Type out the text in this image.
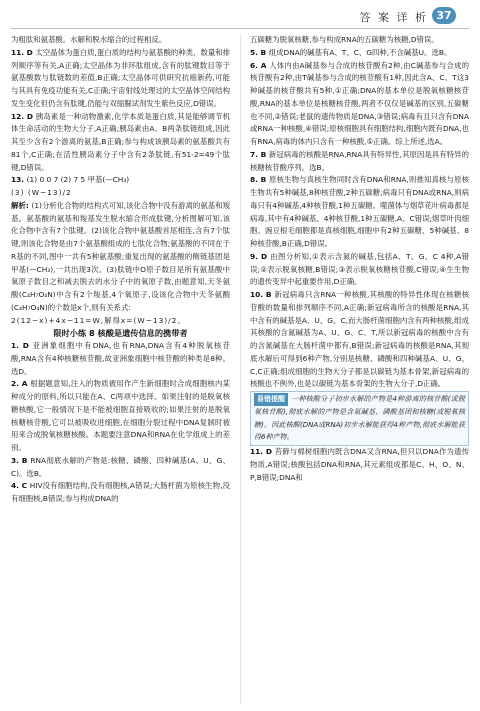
答 案 详 析 37

为粗肽和氨基酸。水解和脱水缩合的过程相反。

11. D 太空晶体为蛋白质,蛋白质的结构与氨基酸的种类、数量和排列顺序等有关,A正确;太空晶体为非环肽组成,含有的肽键数目等于氨基酸数与肽链数的差值,B正确;太空晶体可供研究抗癌新药,可能与其具有免疫功能有关,C正确;宇宙射线处理过的太空晶体空间结构发生变化但仍含有肽键,仍能与双缩脲试剂发生紫色反应,D错误。

12. D 胰岛素是一种动物激素,化学本质是蛋白质,其是能够调节机体生命活动的生物大分子,A正确;胰岛素由A、B两条肽链组成,因此其至少含有2个游离的氨基,B正确;参与构成该胰岛素的氨基酸共有81个,C正确;在活性胰岛素分子中含有2条肽链,有51-2=49个肽键,D错误。

13. (1) 0 0 7 (2) 7 5 甲基(—CH₃)

(3) (W−13)/2

解析: (1)分析化合物的结构式可知,该化合物中没有游离的氨基和羧基。氨基酸的氨基和羧基发生脱水缩合形成肽键,分析图解可知,该化合物中含有7个肽键。(2)该化合物中氨基酸首尾相连,含有7个肽键,则该化合物是由7个氨基酸组成的七肽化合物;氨基酸的不同在于R基的不同,图中一共有5种氨基酸;重复出现的氨基酸的侧链基团是甲基(—CH₃),一共出现3次。(3)肽链中O原子数目是所有氨基酸中氧原子数目之和减去脱去的水分子中的氧原子数,由题意知,天冬氨酸(C₄H₇O₄N)中含有2个羧基,4个氧原子,设该化合物中天冬氨酸(C₄H₇O₄N)的个数是x个,则有关系式:

2(12−x)+4x−11=W,解得x=(W−13)/2。

限时小练 8 核酸是遗传信息的携带者

1. D 亚洲象细胞中有DNA,也有RNA,DNA含有4种脱氧核苷酸,RNA含有4种核糖核苷酸,故亚洲象细胞中核苷酸的种类是8种。选D。

2. A 根据题意知,注入的物质被用作产生新细胞时合成细胞核内某种成分的原料,所以只能在A、C两项中选择。如果注射的是脱氧核糖核酸,它一般情况下是不能被细胞直接吸收的;如果注射的是脱氧核糖核苷酸,它可以被吸收进细胞,在细胞分裂过程中DNA复制时被用来合成脱氧核糖核酸。本题要注意DNA和RNA在化学组成上的差别。

3. B RNA彻底水解的产物是:核糖、磷酸、四种碱基(A、U、G、C)。选B。

4. C HIV没有细胞结构,没有细胞核,A错误;大肠杆菌为原核生物,没有细胞核,B错误;参与构成DNA的

五碳糖为脱氧核糖,参与构成RNA的五碳糖为核糖,D错误。

5. B 组成DNA的碱基有A、T、C、G四种,不含碱基U。选B。

6. A 人体内由A碱基参与合成的核苷酸有2种,由C碱基参与合成的核苷酸有2种,由T碱基参与合成的核苷酸有1种,因此含A、C、T这3种碱基的核苷酸共有5种,①正确;DNA的基本单位是脱氧核糖核苷酸,RNA的基本单位是核糖核苷酸,两者不仅仅是碱基的区别,五碳糖也不同,②错误;老鼠的遗传物质是DNA,③错误;病毒有且只含有DNA或RNA一种核酸,④错误;原核细胞具有细胞结构,细胞内既有DNA,也有RNA,病毒的体内只含有一种核酸,⑤正确。综上所述,选A。

7. B 新冠病毒的核酸是RNA,RNA具有特异性,其原因是具有特异的核糖核苷酸序列。选B。

8. B 原核生物与真核生物同时含有DNA和RNA,则推知真核与原核生物共有5种碱基,8种核苷酸,2种五碳糖;病毒只有DNA或RNA,则病毒只有4种碱基,4种核苷酸,1种五碳糖。噬菌体与烟草花叶病毒都是病毒,其中有4种碱基、4种核苷酸,1种五碳糖,A、C错误;烟草叶肉细胞、豌豆根毛细胞都是真核细胞,细胞中有2种五碳糖、5种碱基、8种核苷酸,B正确,D错误。

9. D 由图分析知,①表示含氮的碱基,包括A、T、G、C 4种,A错误;②表示脱氧核糖,B错误;③表示脱氧核糖核苷酸,C错误;④生生物的遗传变异中起重要作用,D正确。

10. B 新冠病毒只含RNA一种核酸,其核酸的特异性体现在核糖核苷酸的数量和排列顺序不同,A正确;新冠病毒所含的核酸是RNA,其中含有的碱基是A、U、G、C,而大肠杆菌细胞内含有两种核酸,组成其核酸的含氮碱基为A、U、G、C、T,所以新冠病毒的核酸中含有的含氮碱基在大肠杆菌中都有,B错误;新冠病毒的核酸是RNA,其彻底水解后可得到6种产物,分别是核糖、磷酸和四种碱基A、U、G、C,C正确;组成细胞的生物大分子都是以碳链为基本骨架,新冠病毒的核酸也不例外,也是以碳链为基本骨架的生物大分子,D正确。

易错提醒 一种核酸分子初步水解的产物是4种游离的核苷酸(或脱氧核苷酸),彻底水解的产物是含氮碱基、磷酸基团和核糖(或脱氧核糖)。因此核酸(DNA或RNA)初步水解能获得4种产物,彻底水解能获得6种产物。

11. D 苔藓与棉树细胞内既含DNA又含RNA,但只以DNA作为遗传物质,A错误;核酸包括DNA和RNA,其元素组成都是C、H、O、N、P,B错误;DNA和
